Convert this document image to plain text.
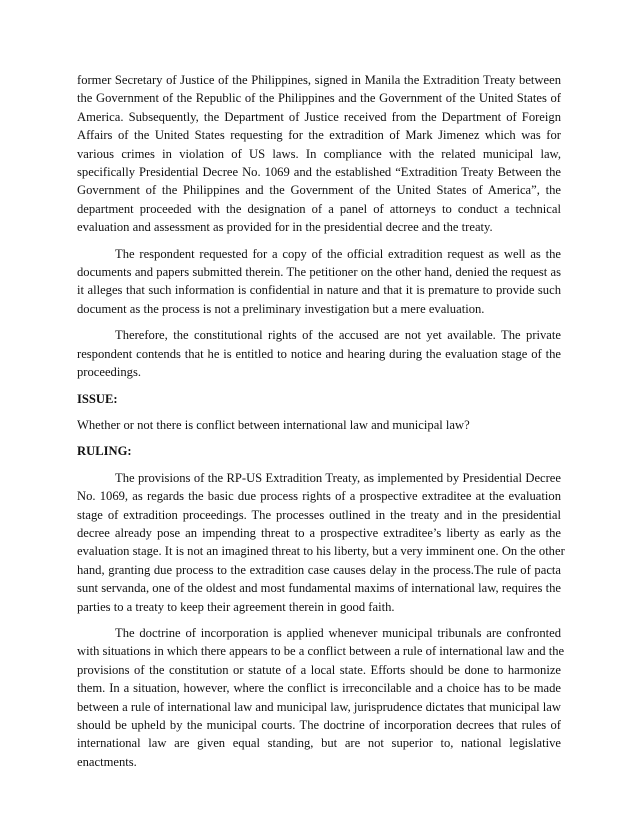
former Secretary of Justice of the Philippines, signed in Manila the Extradition Treaty between
the Government of the Republic of the Philippines and the Government of the United States of
America. Subsequently, the Department of Justice received from the Department of Foreign
Affairs of the United States requesting for the extradition of Mark Jimenez which was for
various crimes in violation of US laws. In compliance with the related municipal law,
specifically Presidential Decree No. 1069 and the established “Extradition Treaty Between the
Government of the Philippines and the Government of the United States of America”, the
department proceeded with the designation of a panel of attorneys to conduct a technical
evaluation and assessment as provided for in the presidential decree and the treaty.
The respondent requested for a copy of the official extradition request as well as the
documents and papers submitted therein. The petitioner on the other hand, denied the request as
it alleges that such information is confidential in nature and that it is premature to provide such
document as the process is not a preliminary investigation but a mere evaluation.
Therefore, the constitutional rights of the accused are not yet available. The private
respondent contends that he is entitled to notice and hearing during the evaluation stage of the
proceedings.
ISSUE:
Whether or not there is conflict between international law and municipal law?
RULING:
The provisions of the RP-US Extradition Treaty, as implemented by Presidential Decree
No. 1069, as regards the basic due process rights of a prospective extraditee at the evaluation
stage of extradition proceedings. The processes outlined in the treaty and in the presidential
decree already pose an impending threat to a prospective extraditee’s liberty as early as the
evaluation stage. It is not an imagined threat to his liberty, but a very imminent one. On the other
hand, granting due process to the extradition case causes delay in the process.The rule of pacta
sunt servanda, one of the oldest and most fundamental maxims of international law, requires the
parties to a treaty to keep their agreement therein in good faith.
The doctrine of incorporation is applied whenever municipal tribunals are confronted
with situations in which there appears to be a conflict between a rule of international law and the
provisions of the constitution or statute of a local state. Efforts should be done to harmonize
them. In a situation, however, where the conflict is irreconcilable and a choice has to be made
between a rule of international law and municipal law, jurisprudence dictates that municipal law
should be upheld by the municipal courts. The doctrine of incorporation decrees that rules of
international law are given equal standing, but are not superior to, national legislative
enactments.
